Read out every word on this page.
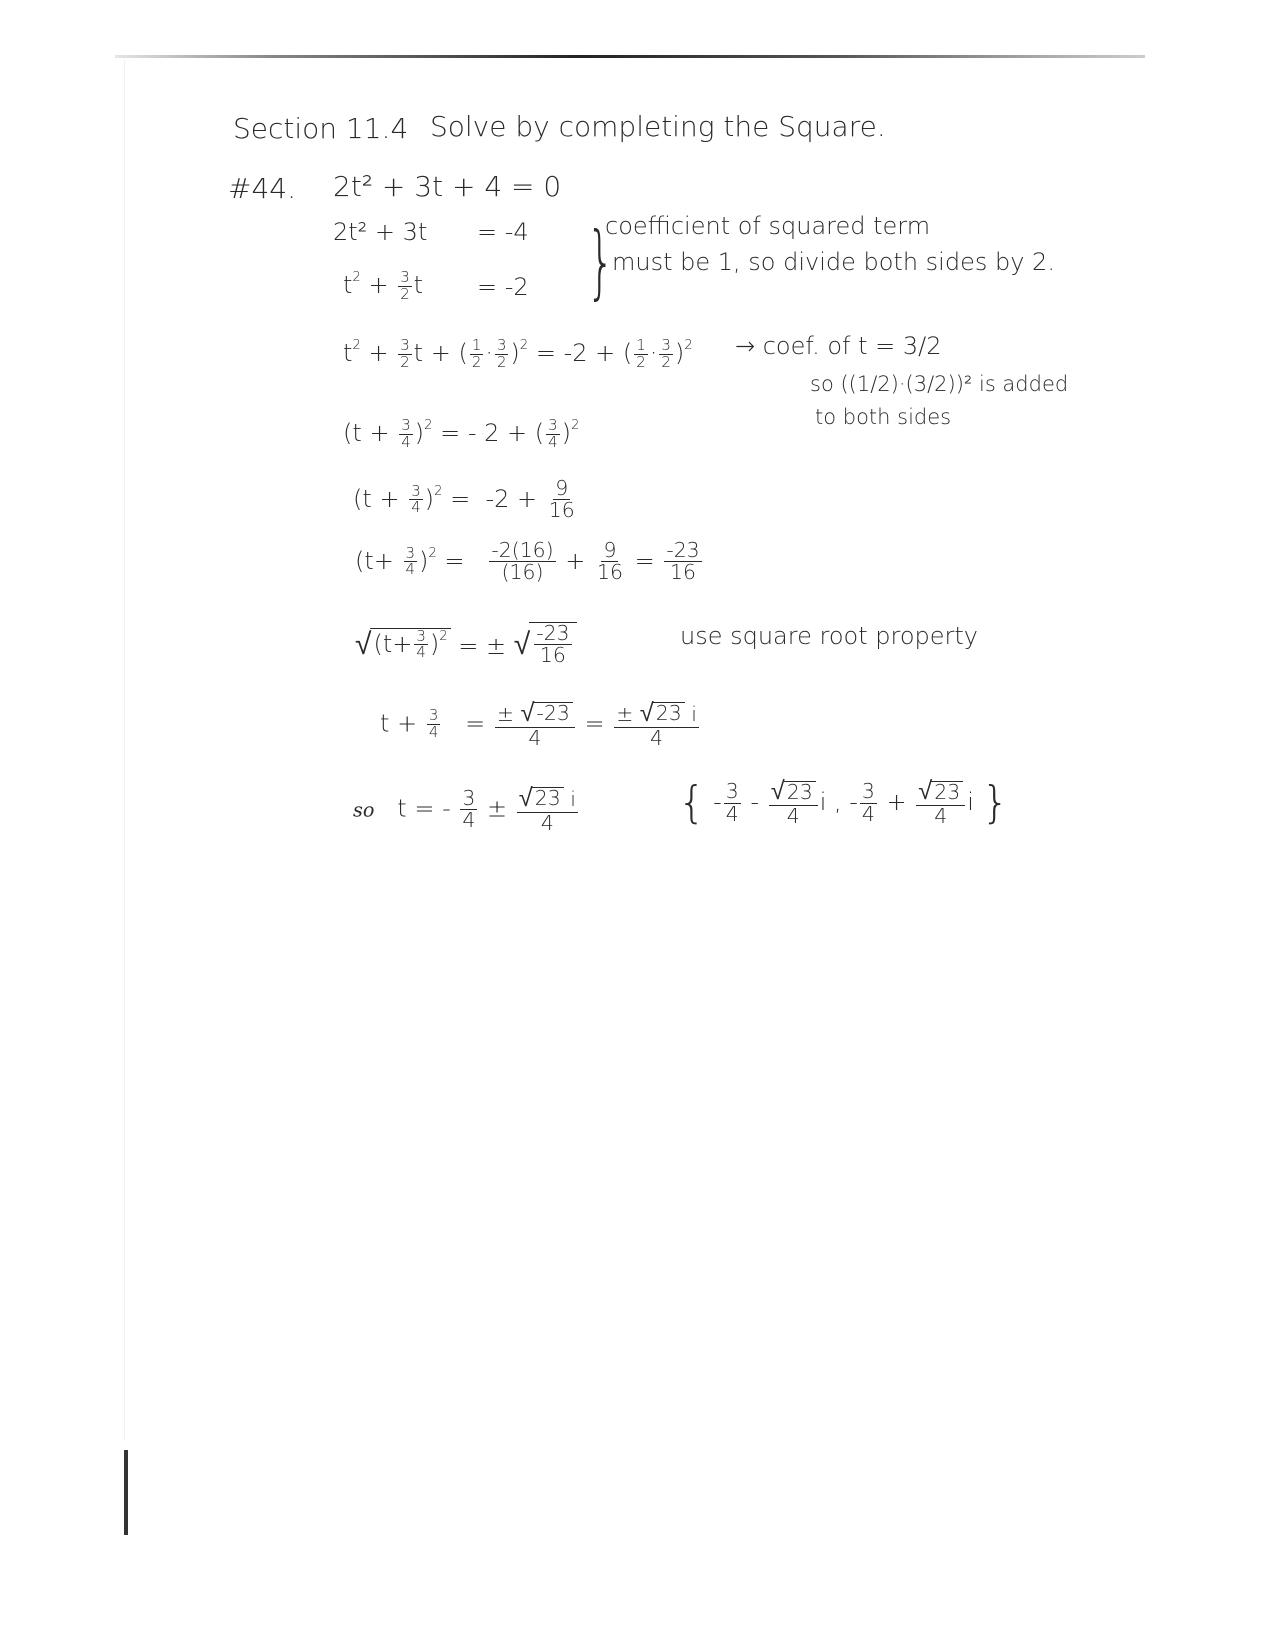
Section 11.4 Solve by completing the Square.
#44. 2t² + 3t + 4 = 0
2t² + 3t = -4
$t^2 + \frac{3}{2}$ t = -2 }
coefficient of squared term
must be 1, so divide both sides by 2.
$t^2 + \frac{3}{2}$ t + ( $\frac{1}{2} \cdot \frac{3}{2} )^2 = -2$ + ( $\frac{1}{2} \cdot \frac{3}{2} )^2$ → coef. of t = 3/2
so ((1/2)·(3/2))² is added
to both sides
$(t + \frac{3}{4} )^2$ = - 2 + ( $\frac{3}{4} )^2$
$(t + \frac{3}{4} )^2 = -2 + \frac{9}{16}$
$(t+ \frac{3}{4} )^2 = \frac{-2(16)}{(16)} + \frac{9}{16} = \frac{-23}{16}$
√ $(t+ \frac{3}{4} )^2$ = ± √ $\frac{-23}{16}$	use square root property
$t + \frac{3}{4} = \frac{\pm √ -23}{4} = \frac{\pm √ 23 i}{4}$
so t = - $\frac{3}{4} \pm \frac{√ 23 i}{4}$ { - $\frac{3}{4} - \frac{√ 23}{4}$ i , - $\frac{3}{4} + \frac{√ 23}{4}$ i }
